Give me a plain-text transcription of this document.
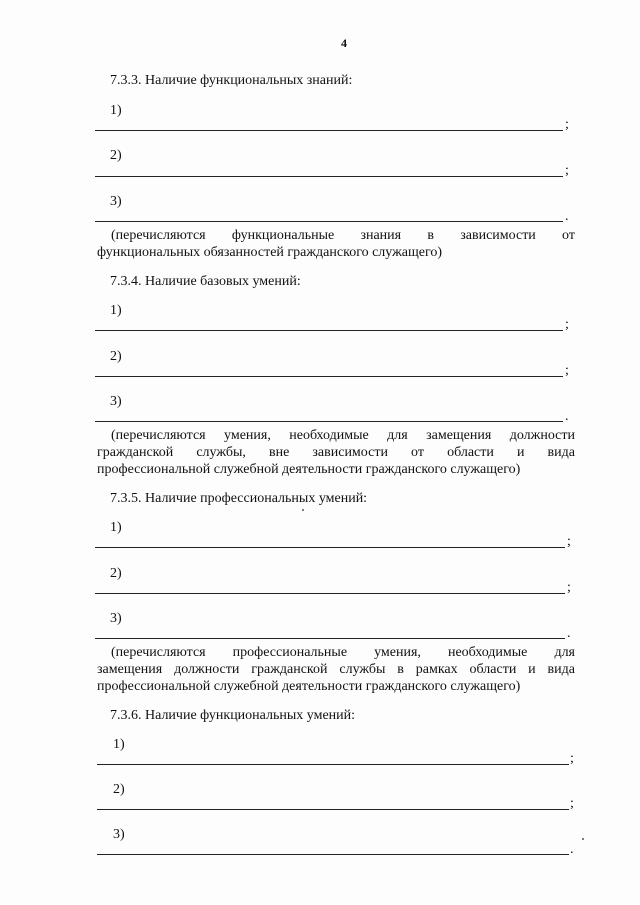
4
7.3.3. Наличие функциональных знаний:
1)
;
2)
;
3)
.
(перечисляются функциональные знания в зависимости от
функциональных обязанностей гражданского служащего)
7.3.4. Наличие базовых умений:
1)
;
2)
;
3)
.
(перечисляются умения, необходимые для замещения должности
гражданской службы, вне зависимости от области и вида
профессиональной служебной деятельности гражданского служащего)
7.3.5. Наличие профессиональных умений:
1)
;
2)
;
3)
.
(перечисляются профессиональные умения, необходимые для
замещения должности гражданской службы в рамках области и вида
профессиональной служебной деятельности гражданского служащего)
7.3.6. Наличие функциональных умений:
1)
;
2)
;
3)
.
